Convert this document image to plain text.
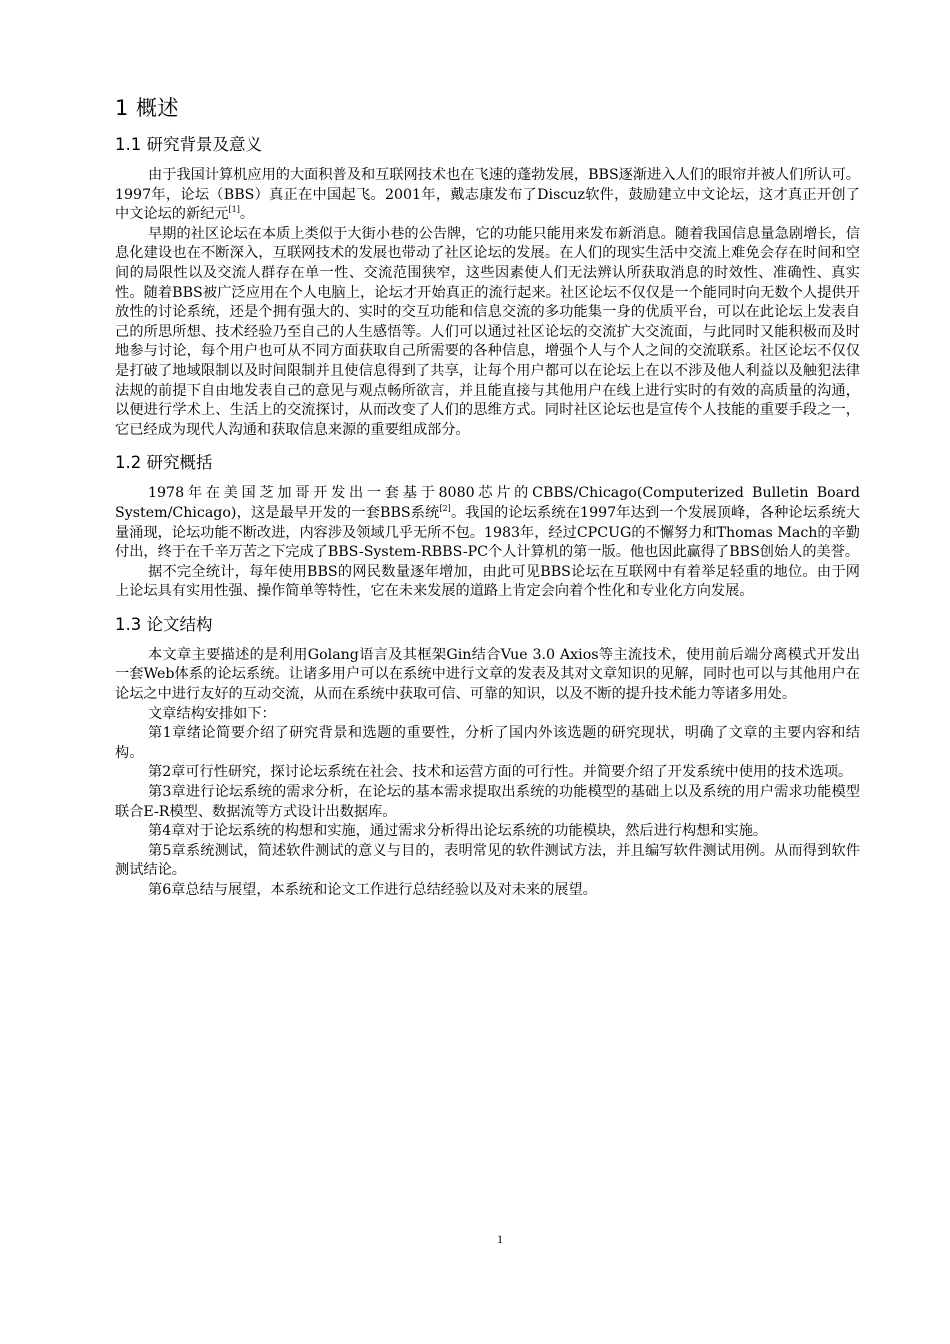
1 概述
1.1 研究背景及意义

由于我国计算机应用的大面积普及和互联网技术也在飞速的蓬勃发展，BBS逐渐进入人们的眼帘并被人们所认可。1997年，论坛（BBS）真正在中国起飞。2001年，戴志康发布了Discuz软件，鼓励建立中文论坛，这才真正开创了中文论坛的新纪元[1]。

早期的社区论坛在本质上类似于大街小巷的公告牌，它的功能只能用来发布新消息。随着我国信息量急剧增长，信息化建设也在不断深入，互联网技术的发展也带动了社区论坛的发展。在人们的现实生活中交流上难免会存在时间和空间的局限性以及交流人群存在单一性、交流范围狭窄，这些因素使人们无法辨认所获取消息的时效性、准确性、真实性。随着BBS被广泛应用在个人电脑上，论坛才开始真正的流行起来。社区论坛不仅仅是一个能同时向无数个人提供开放性的讨论系统，还是个拥有强大的、实时的交互功能和信息交流的多功能集一身的优质平台，可以在此论坛上发表自己的所思所想、技术经验乃至自己的人生感悟等。人们可以通过社区论坛的交流扩大交流面，与此同时又能积极而及时地参与讨论，每个用户也可从不同方面获取自己所需要的各种信息，增强个人与个人之间的交流联系。社区论坛不仅仅是打破了地域限制以及时间限制并且使信息得到了共享，让每个用户都可以在论坛上在以不涉及他人利益以及触犯法律法规的前提下自由地发表自己的意见与观点畅所欲言，并且能直接与其他用户在线上进行实时的有效的高质量的沟通，以便进行学术上、生活上的交流探讨，从而改变了人们的思维方式。同时社区论坛也是宣传个人技能的重要手段之一，它已经成为现代人沟通和获取信息来源的重要组成部分。

1.2 研究概括

1978年在美国芝加哥开发出一套基于8080芯片的CBBS/Chicago(Computerized Bulletin Board System/Chicago)，这是最早开发的一套BBS系统[2]。我国的论坛系统在1997年达到一个发展顶峰，各种论坛系统大量涌现，论坛功能不断改进，内容涉及领域几乎无所不包。1983年，经过CPCUG的不懈努力和Thomas Mach的辛勤付出，终于在千辛万苦之下完成了BBS-System-RBBS-PC个人计算机的第一版。他也因此赢得了BBS创始人的美誉。

据不完全统计，每年使用BBS的网民数量逐年增加，由此可见BBS论坛在互联网中有着举足轻重的地位。由于网上论坛具有实用性强、操作简单等特性，它在未来发展的道路上肯定会向着个性化和专业化方向发展。

1.3 论文结构

本文章主要描述的是利用Golang语言及其框架Gin结合Vue 3.0 Axios等主流技术，使用前后端分离模式开发出一套Web体系的论坛系统。让诸多用户可以在系统中进行文章的发表及其对文章知识的见解，同时也可以与其他用户在论坛之中进行友好的互动交流，从而在系统中获取可信、可靠的知识，以及不断的提升技术能力等诸多用处。

文章结构安排如下：

第1章绪论简要介绍了研究背景和选题的重要性，分析了国内外该选题的研究现状，明确了文章的主要内容和结构。

第2章可行性研究，探讨论坛系统在社会、技术和运营方面的可行性。并简要介绍了开发系统中使用的技术选项。

第3章进行论坛系统的需求分析，在论坛的基本需求提取出系统的功能模型的基础上以及系统的用户需求功能模型联合E-R模型、数据流等方式设计出数据库。

第4章对于论坛系统的构想和实施，通过需求分析得出论坛系统的功能模块，然后进行构想和实施。

第5章系统测试，简述软件测试的意义与目的，表明常见的软件测试方法，并且编写软件测试用例。从而得到软件测试结论。

第6章总结与展望，本系统和论文工作进行总结经验以及对未来的展望。

1
